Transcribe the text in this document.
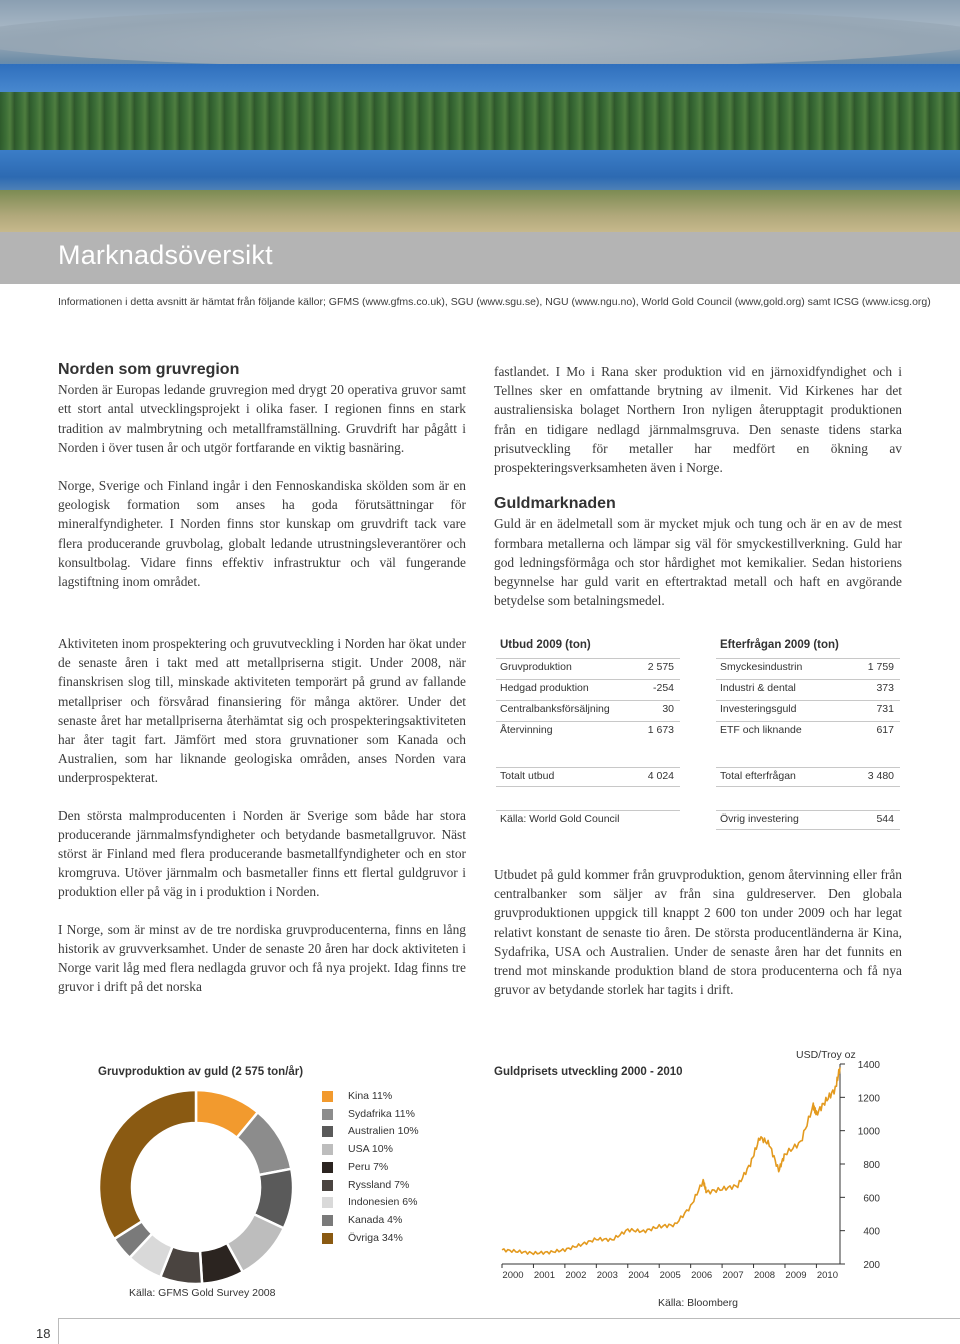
Marknadsöversikt
Informationen i detta avsnitt är hämtat från följande källor; GFMS (www.gfms.co.uk), SGU (www.sgu.se), NGU (www.ngu.no), World Gold Council (www,gold.org) samt ICSG (www.icsg.org)
Norden som gruvregion

Norden är Europas ledande gruvregion med drygt 20 operativa gruvor samt ett stort antal utvecklingsprojekt i olika faser. I regionen finns en stark tradition av malmbrytning och metallframställning. Gruvdrift har pågått i Norden i över tusen år och utgör fortfarande en viktig basnäring.

Norge, Sverige och Finland ingår i den Fennoskandiska skölden som är en geologisk formation som anses ha goda förutsättningar för mineralfyndigheter. I Norden finns stor kunskap om gruvdrift tack vare flera producerande gruvbolag, globalt ledande utrustningsleverantörer och konsultbolag. Vidare finns effektiv infrastruktur och väl fungerande lagstiftning inom området.

Aktiviteten inom prospektering och gruvutveckling i Norden har ökat under de senaste åren i takt med att metallpriserna stigit. Under 2008, när finanskrisen slog till, minskade aktiviteten temporärt på grund av fallande metallpriser och försvårad finansiering för många aktörer. Under det senaste året har metallpriserna återhämtat sig och prospekteringsaktiviteten har åter tagit fart. Jämfört med stora gruvnationer som Kanada och Australien, som har liknande geologiska områden, anses Norden vara underprospekterat.

Den största malmproducenten i Norden är Sverige som både har stora producerande järnmalmsfyndigheter och betydande basmetallgruvor. Näst störst är Finland med flera producerande basmetallfyndigheter och en stor kromgruva. Utöver järnmalm och basmetaller finns ett flertal guldgruvor i produktion eller på väg in i produktion i Norden.

I Norge, som är minst av de tre nordiska gruvproducenterna, finns en lång historik av gruvverksamhet. Under de senaste 20 åren har dock aktiviteten i Norge varit låg med flera nedlagda gruvor och få nya projekt. Idag finns tre gruvor i drift på det norska

fastlandet. I Mo i Rana sker produktion vid en järnoxidfyndighet och i Tellnes sker en omfattande brytning av ilmenit. Vid Kirkenes har det australiensiska bolaget Northern Iron nyligen återupptagit produktionen från en tidigare nedlagd järnmalmsgruva. Den senaste tidens starka prisutveckling för metaller har medfört en ökning av prospekteringsverksamheten även i Norge.

Guldmarknaden

Guld är en ädelmetall som är mycket mjuk och tung och är en av de mest formbara metallerna och lämpar sig väl för smyckestillverkning. Guld har god ledningsförmåga och stor hårdighet mot kemikalier. Sedan historiens begynnelse har guld varit en eftertraktad metall och haft en avgörande betydelse som betalningsmedel.

Utbudet på guld kommer från gruvproduktion, genom återvinning eller från centralbanker som säljer av från sina guldreserver. Den globala gruvproduktionen uppgick till knappt 2 600 ton under 2009 och har legat relativt konstant de senaste tio åren. De största producentländerna är Kina, Sydafrika, USA och Australien. Under de senaste åren har det funnits en trend mot minskande produktion bland de stora producenterna och få nya gruvor av betydande storlek har tagits i drift.

Utbud 2009 (ton)
Gruvproduktion	2 575
Hedgad produktion	-254
Centralbanksförsäljning	30
Återvinning	1 673
Totalt utbud	4 024
Källa: World Gold Council
Efterfrågan 2009 (ton)
Smyckesindustrin	1 759
Industri & dental	373
Investeringsguld	731
ETF och liknande	617
Total efterfrågan	3 480
Övrig investering	544
Gruvproduktion av guld (2 575 ton/år)
Kina 11%
Sydafrika 11%
Australien 10%
USA 10%
Peru 7%
Ryssland 7%
Indonesien 6%
Kanada 4%
Övriga 34%
Källa: GFMS Gold Survey 2008
Guldprisets utveckling 2000 - 2010
USD/Troy oz
2000 2001 2002 2003 2004 2005 2006 2007 2008 2009 2010
200
400
600
800
1000
1200
1400
Källa: Bloomberg
18
